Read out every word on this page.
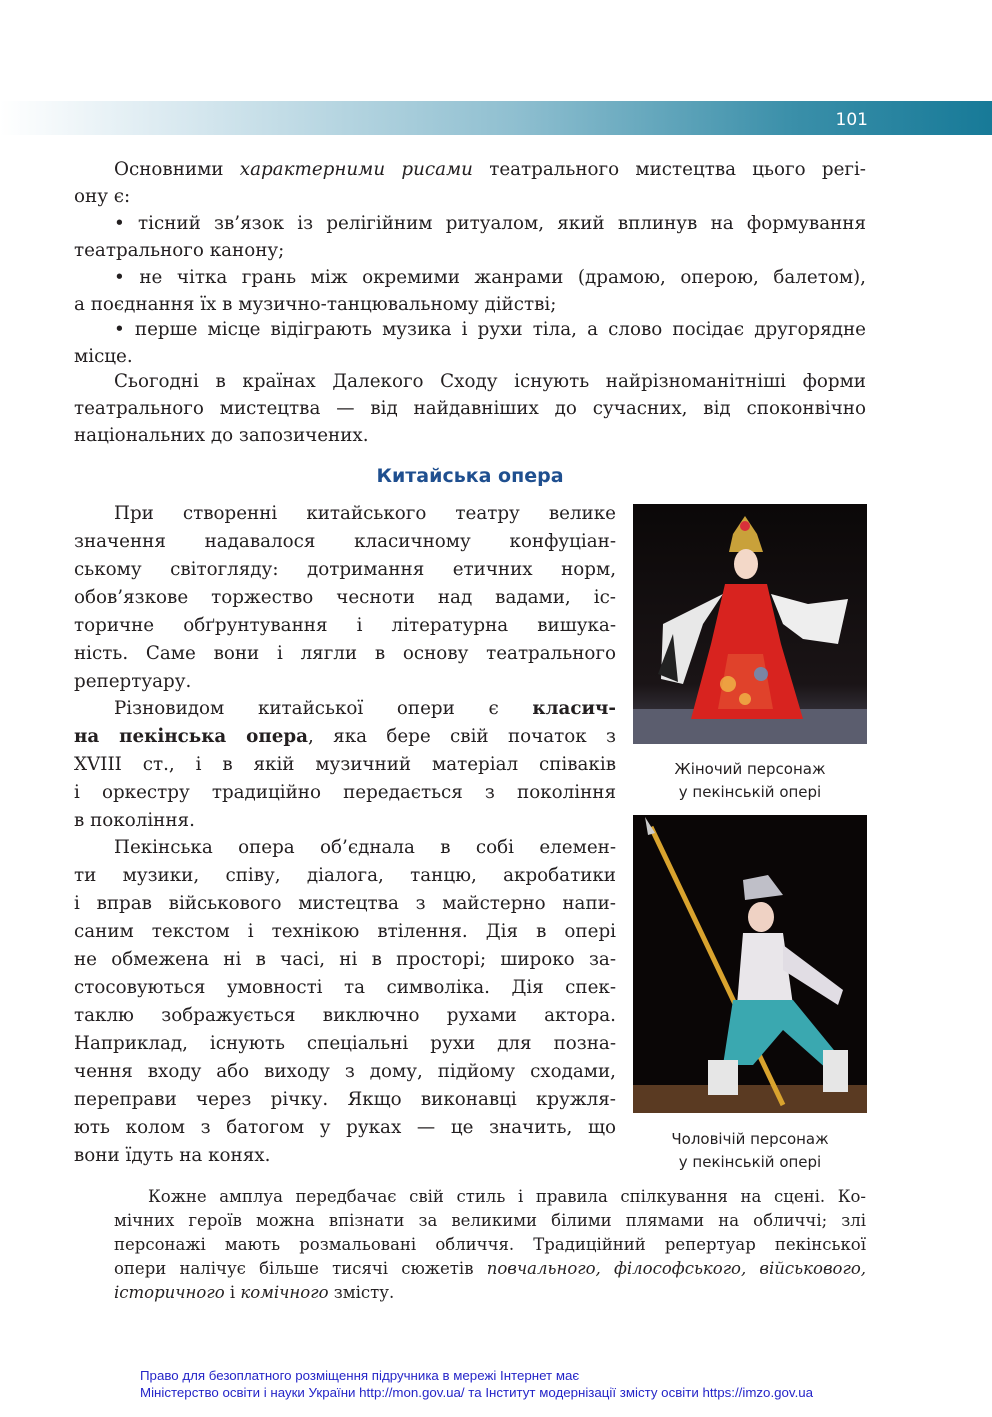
101

Основними характерними рисами театрального мистецтва цього регі-

ону є:

• тісний зв’язок із релігійним ритуалом, який вплинув на формування

театрального канону;

• не чітка грань між окремими жанрами (драмою, оперою, балетом),

а поєднання їх в музично-танцювальному дійстві;

• перше місце відіграють музика і рухи тіла, а слово посідає другорядне

місце.

Сьогодні в країнах Далекого Сходу існують найрізноманітніші форми

театрального мистецтва — від найдавніших до сучасних, від споконвічно

національних до запозичених.

Китайська опера

При створенні китайського театру велике

значення надавалося класичному конфуціан-

ському світогляду: дотримання етичних норм,

обов’язкове торжество чесноти над вадами, іс-

торичне обґрунтування і літературна вишука-

ність. Саме вони і лягли в основу театрального

репертуару.

Різновидом китайської опери є класич-

на пекінська опера, яка бере свій початок з

XVIII ст., і в якій музичний матеріал співаків

і оркестру традиційно передається з покоління

в покоління.

Пекінська опера об’єднала в собі елемен-

ти музики, співу, діалога, танцю, акробатики

і вправ військового мистецтва з майстерно напи-

саним текстом і технікою втілення. Дія в опері

не обмежена ні в часі, ні в просторі; широко за-

стосовуються умовності та символіка. Дія спек-

таклю зображується виключно рухами актора.

Наприклад, існують спеціальні рухи для позна-

чення входу або виходу з дому, підйому сходами,

переправи через річку. Якщо виконавці кружля-

ють колом з батогом у руках — це значить, що

вони їдуть на конях.

Жіночий персонаж
у пекінській опері
Чоловічій персонаж
у пекінській опері

Кожне амплуа передбачає свій стиль і правила спілкування на сцені. Ко-

мічних героїв можна впізнати за великими білими плямами на обличчі; злі

персонажі мають розмальовані обличчя. Традиційний репертуар пекінської

опери налічує більше тисячі сюжетів повчального, філософського, військового,

історичного і комічного змісту.

Право для безоплатного розміщення підручника в мережі Інтернет має
Міністерство освіти і науки України http://mon.gov.ua/ та Інститут модернізації змісту освіти https://imzo.gov.ua
